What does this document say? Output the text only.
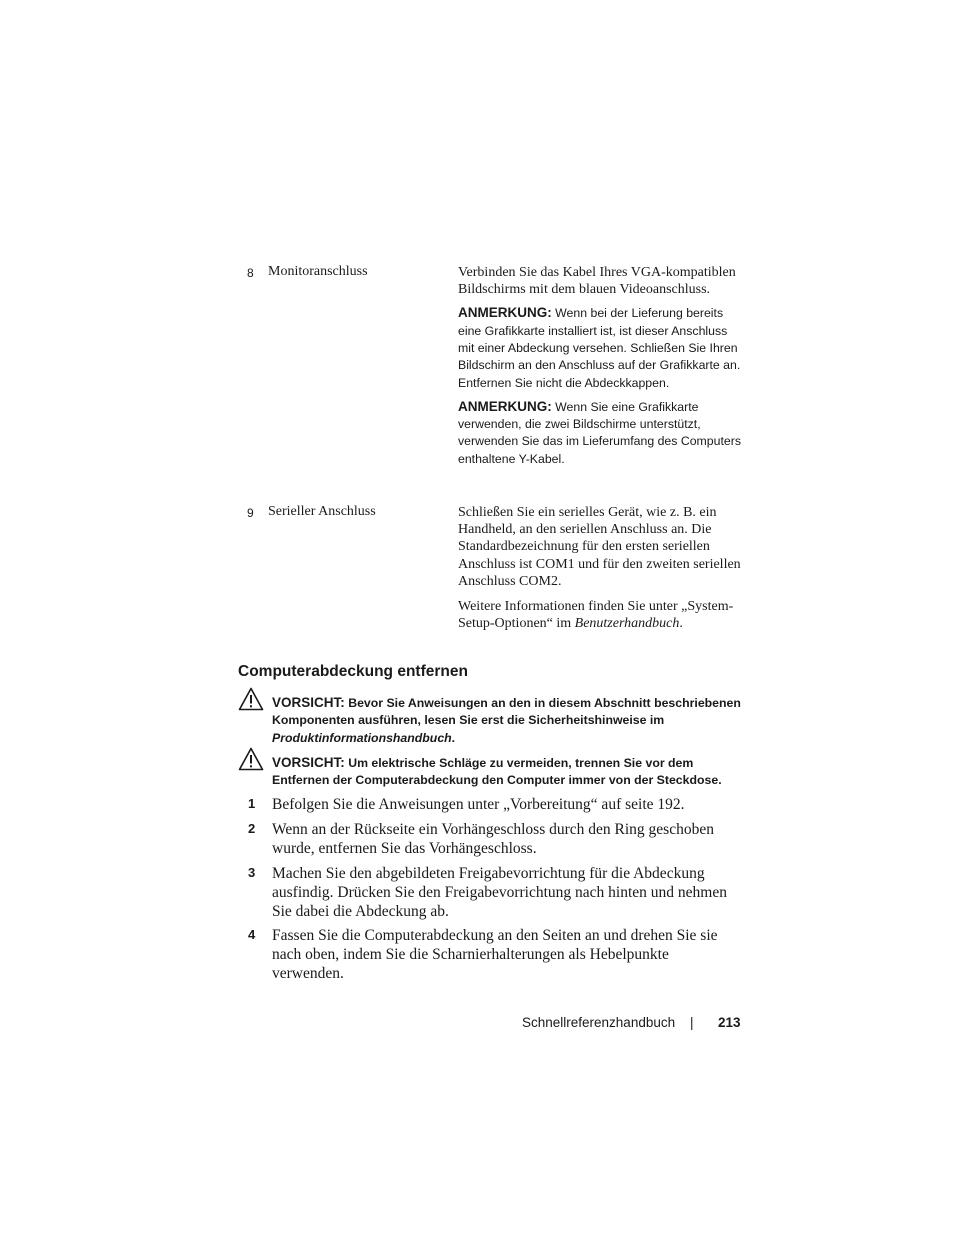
8 Monitoranschluss	Verbinden Sie das Kabel Ihres VGA-kompatiblen Bildschirms mit dem blauen Videoanschluss.

ANMERKUNG: Wenn bei der Lieferung bereits eine Grafikkarte installiert ist, ist dieser Anschluss mit einer Abdeckung versehen. Schließen Sie Ihren Bildschirm an den Anschluss auf der Grafikkarte an. Entfernen Sie nicht die Abdeckkappen.

ANMERKUNG: Wenn Sie eine Grafikkarte verwenden, die zwei Bildschirme unterstützt, verwenden Sie das im Lieferumfang des Computers enthaltene Y-Kabel.

9 Serieller Anschluss	Schließen Sie ein serielles Gerät, wie z. B. ein Handheld, an den seriellen Anschluss an. Die Standardbezeichnung für den ersten seriellen Anschluss ist COM1 und für den zweiten seriellen Anschluss COM2.

Weitere Informationen finden Sie unter „System-Setup-Optionen“ im Benutzerhandbuch.

Computerabdeckung entfernen
VORSICHT: Bevor Sie Anweisungen an den in diesem Abschnitt beschriebenen Komponenten ausführen, lesen Sie erst die Sicherheitshinweise im Produktinformationshandbuch.
VORSICHT: Um elektrische Schläge zu vermeiden, trennen Sie vor dem Entfernen der Computerabdeckung den Computer immer von der Steckdose.
1 Befolgen Sie die Anweisungen unter „Vorbereitung“ auf seite 192.
2 Wenn an der Rückseite ein Vorhängeschloss durch den Ring geschoben wurde, entfernen Sie das Vorhängeschloss.
3 Machen Sie den abgebildeten Freigabevorrichtung für die Abdeckung ausfindig. Drücken Sie den Freigabevorrichtung nach hinten und nehmen Sie dabei die Abdeckung ab.
4 Fassen Sie die Computerabdeckung an den Seiten an und drehen Sie sie nach oben, indem Sie die Scharnierhalterungen als Hebelpunkte verwenden.
Schnellreferenzhandbuch | 213
